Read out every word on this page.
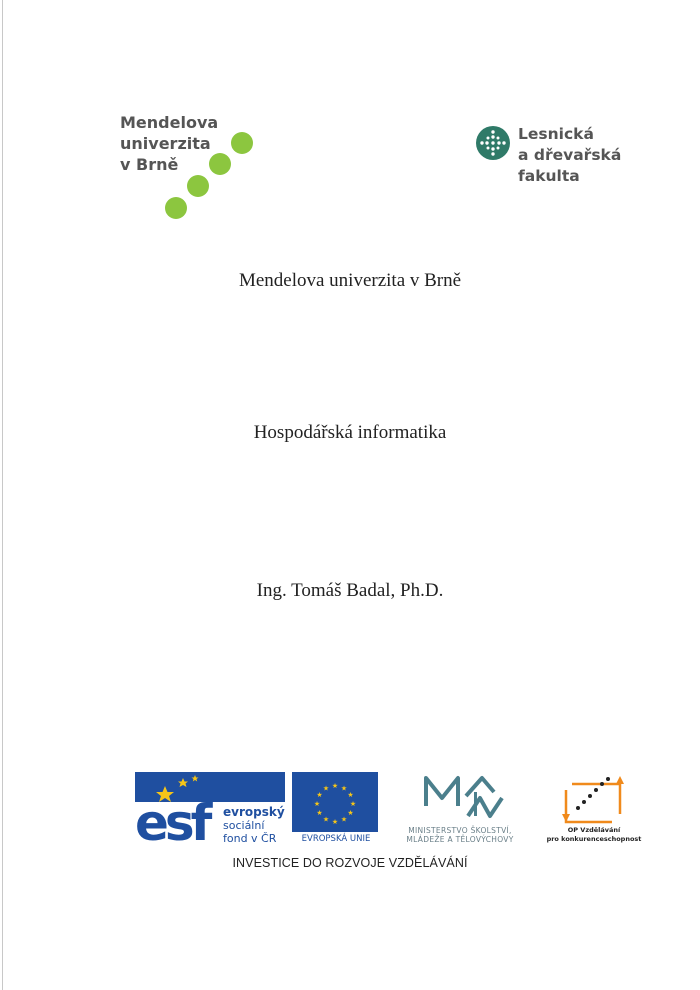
Mendelova
univerzita
v Brně
Lesnická
a dřevařská
fakulta
Mendelova univerzita v Brně
Hospodářská informatika
Ing. Tomáš Badal, Ph.D.
esf	evropský
sociální
fond v ČR
★ ★
★
★
★
★
★
★
★
★
★
★
EVROPSKÁ UNIE
MINISTERSTVO ŠKOLSTVÍ,
MLÁDEŽE A TĚLOVÝCHOVY
OP Vzdělávání
pro konkurenceschopnost
INVESTICE DO ROZVOJE VZDĚLÁVÁNÍ
